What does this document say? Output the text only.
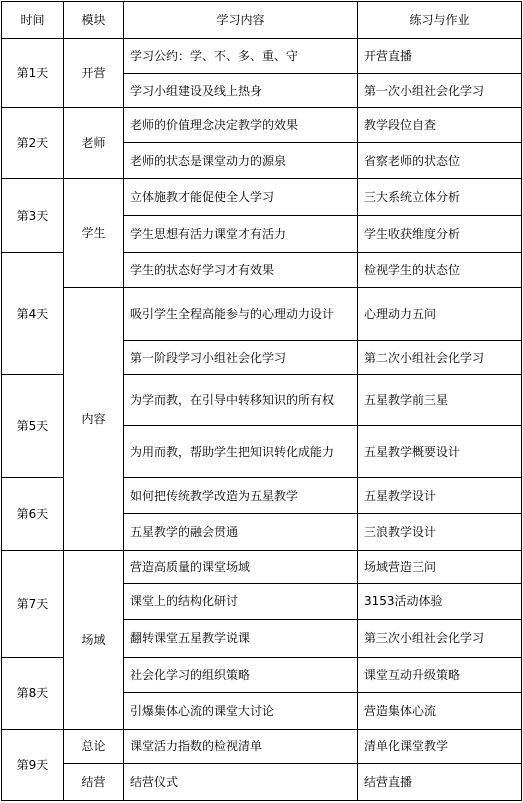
时间	模块	学习内容	练习与作业
第1天	开营	学习公约：学、不、多、重、守	开营直播
		学习小组建设及线上热身	第一次小组社会化学习
第2天	老师	老师的价值理念决定教学的效果	教学段位自查
		老师的状态是课堂动力的源泉	省察老师的状态位
第3天	学生	立体施教才能促使全人学习	三大系统立体分析
		学生思想有活力课堂才有活力	学生收获维度分析
第4天		学生的状态好学习才有效果	检视学生的状态位
	内容	吸引学生全程高能参与的心理动力设计	心理动力五问
		第一阶段学习小组社会化学习	第二次小组社会化学习
第5天		为学而教，在引导中转移知识的所有权	五星教学前三星
		为用而教，帮助学生把知识转化成能力	五星教学概要设计
第6天		如何把传统教学改造为五星教学	五星教学设计
		五星教学的融会贯通	三浪教学设计
第7天	场域	营造高质量的课堂场域	场域营造三问
		课堂上的结构化研讨	3153活动体验
		翻转课堂五星教学说课	第三次小组社会化学习
第8天		社会化学习的组织策略	课堂互动升级策略
		引爆集体心流的课堂大讨论	营造集体心流
第9天	总论	课堂活力指数的检视清单	清单化课堂教学
	结营	结营仪式	结营直播
